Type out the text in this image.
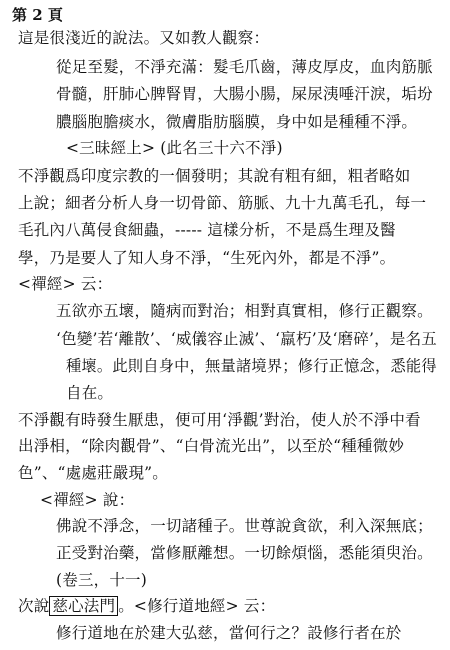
第 2 頁
這是很淺近的說法。又如教人觀察：
從足至髮，不淨充滿：髮毛爪齒，薄皮厚皮，血肉筋脈
骨髓，肝肺心脾腎胃，大腸小腸，屎尿洟唾汗淚，垢坋
膿腦胞膽痰水，微膚脂肪腦膜，身中如是種種不淨。
<三昧經上> (此名三十六不淨)
不淨觀爲印度宗教的一個發明；其說有粗有細，粗者略如
上說；細者分析人身一切骨節、筋脈、九十九萬毛孔，每一
毛孔內八萬侵食細蟲，----- 這樣分析，不是爲生理及醫
學，乃是要人了知人身不淨，“生死內外，都是不淨”。
<禪經> 云：
五欲亦五壞，隨病而對治；相對真實相，修行正觀察。
‘色變’若‘離散’、‘威儀容止滅’、‘羸朽’及‘磨碎’，是名五
種壞。此則自身中，無量諸境界；修行正憶念，悉能得
自在。
不淨觀有時發生厭患，便可用‘淨觀’對治，使人於不淨中看
出淨相，“除肉觀骨”、“白骨流光出”，以至於“種種微妙
色”、“處處莊嚴現”。
<禪經> 說：
佛說不淨念，一切諸種子。世尊說貪欲，利入深無底；
正受對治藥，當修厭離想。一切餘煩惱，悉能須臾治。
(卷三，十一)
次說 慈心法門 。<修行道地經> 云：
修行道地在於建大弘慈，當何行之？設修行者在於
